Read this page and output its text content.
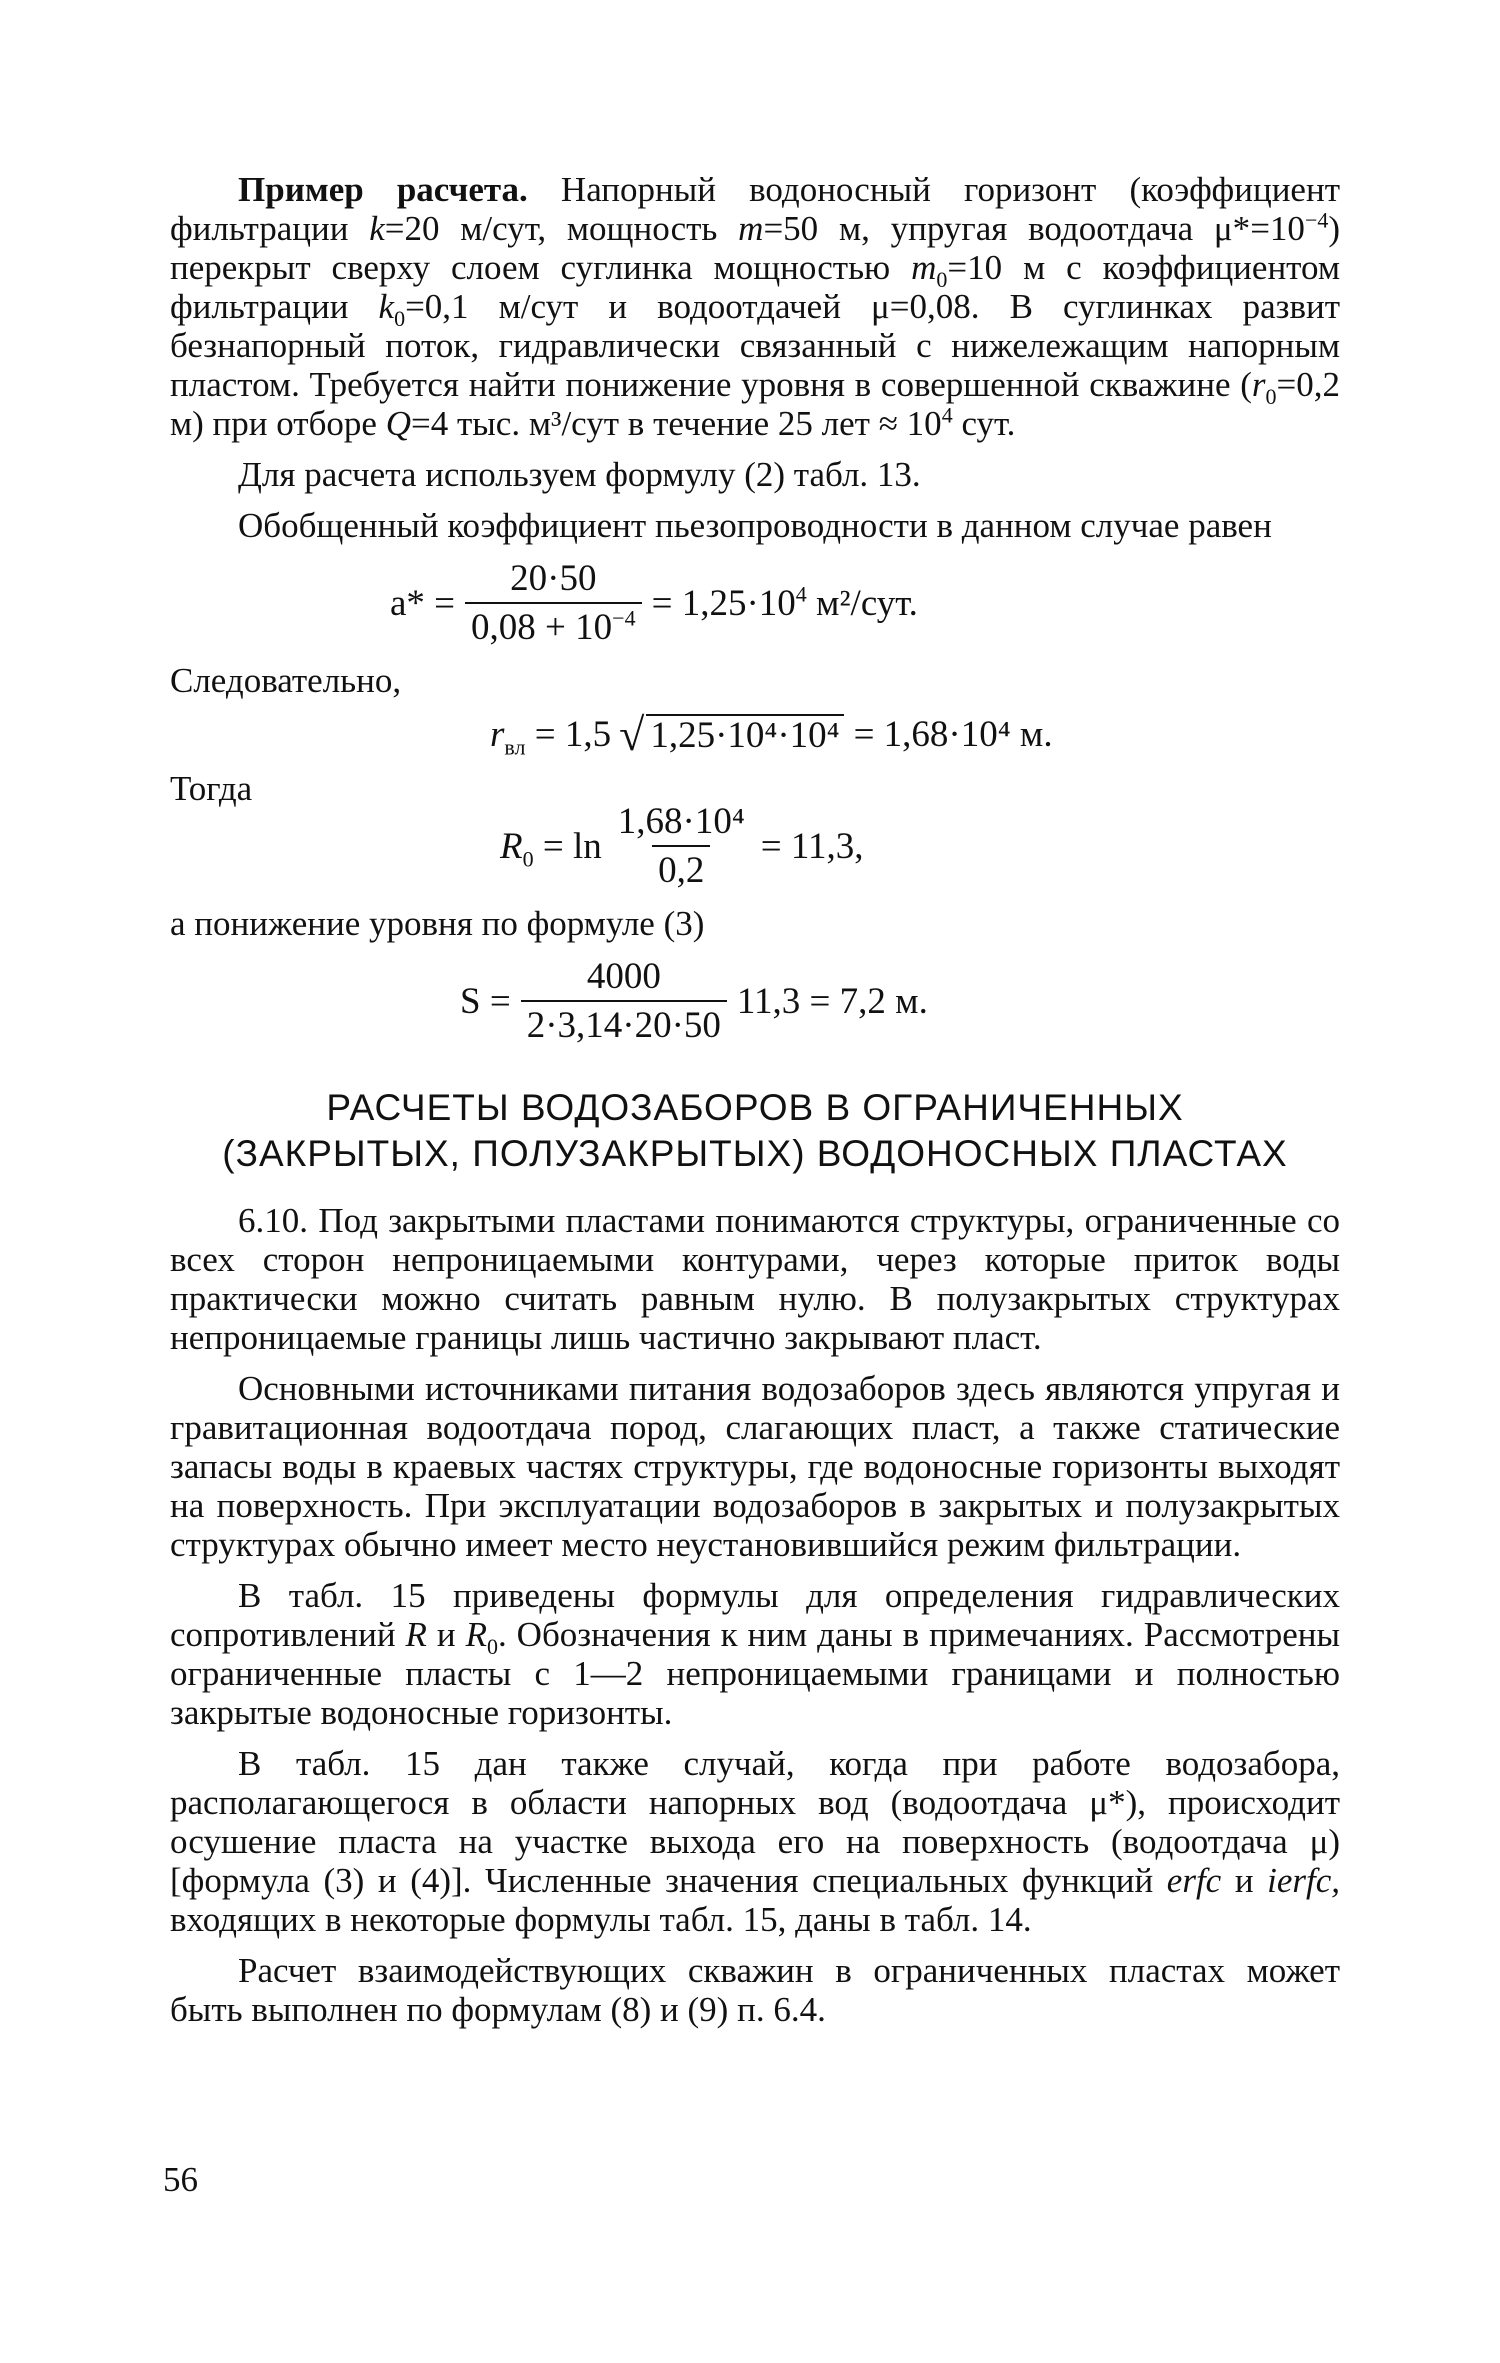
Пример расчета. Напорный водоносный горизонт (коэффициент фильтрации k=20 м/сут, мощность m=50 м, упругая водоотдача $\mu*=10^{-4}$) перекрыт сверху слоем суглинка мощностью $m_0=10$ м с коэффициентом фильтрации $k_0=0,1$ м/сут и водоотдачей μ=0,08. В суглинках развит безнапорный поток, гидравлически связанный с нижележащим напорным пластом. Требуется найти понижение уровня в совершенной скважине ($r_0=0,2$ м) при отборе Q=4 тыс. м³/сут в течение 25 лет ≈ $10^4$ сут.

Для расчета используем формулу (2) табл. 13.

Обобщенный коэффициент пьезопроводности в данном случае равен

$a* = \frac{20\cdot 50}{0,08 + 10^{-4}} = 1,25\cdot 10^4$ м²/сут.

Следовательно,

$r_{вл} = 1,5$ √ 1,25·10⁴·10⁴ = 1,68·10⁴ м.

Тогда

$R_0 = \ln \frac{\text{1,68·10⁴}}{0,2} = 11,3$,

а понижение уровня по формуле (3)

$S = \frac{4000}{2\cdot 3,14\cdot 20\cdot 50} 11,3 = 7,2$ м.
РАСЧЕТЫ ВОДОЗАБОРОВ В ОГРАНИЧЕННЫХ
(ЗАКРЫТЫХ, ПОЛУЗАКРЫТЫХ) ВОДОНОСНЫХ ПЛАСТАХ

6.10. Под закрытыми пластами понимаются структуры, ограниченные со всех сторон непроницаемыми контурами, через которые приток воды практически можно считать равным нулю. В полузакрытых структурах непроницаемые границы лишь частично закрывают пласт.

Основными источниками питания водозаборов здесь являются упругая и гравитационная водоотдача пород, слагающих пласт, а также статические запасы воды в краевых частях структуры, где водоносные горизонты выходят на поверхность. При эксплуатации водозаборов в закрытых и полузакрытых структурах обычно имеет место неустановившийся режим фильтрации.

В табл. 15 приведены формулы для определения гидравлических сопротивлений R и $R_0$. Обозначения к ним даны в примечаниях. Рассмотрены ограниченные пласты с 1—2 непроницаемыми границами и полностью закрытые водоносные горизонты.

В табл. 15 дан также случай, когда при работе водозабора, располагающегося в области напорных вод (водоотдача μ*), происходит осушение пласта на участке выхода его на поверхность (водоотдача μ) [формула (3) и (4)]. Численные значения специальных функций erfc и ierfc, входящих в некоторые формулы табл. 15, даны в табл. 14.

Расчет взаимодействующих скважин в ограниченных пластах может быть выполнен по формулам (8) и (9) п. 6.4.

56
